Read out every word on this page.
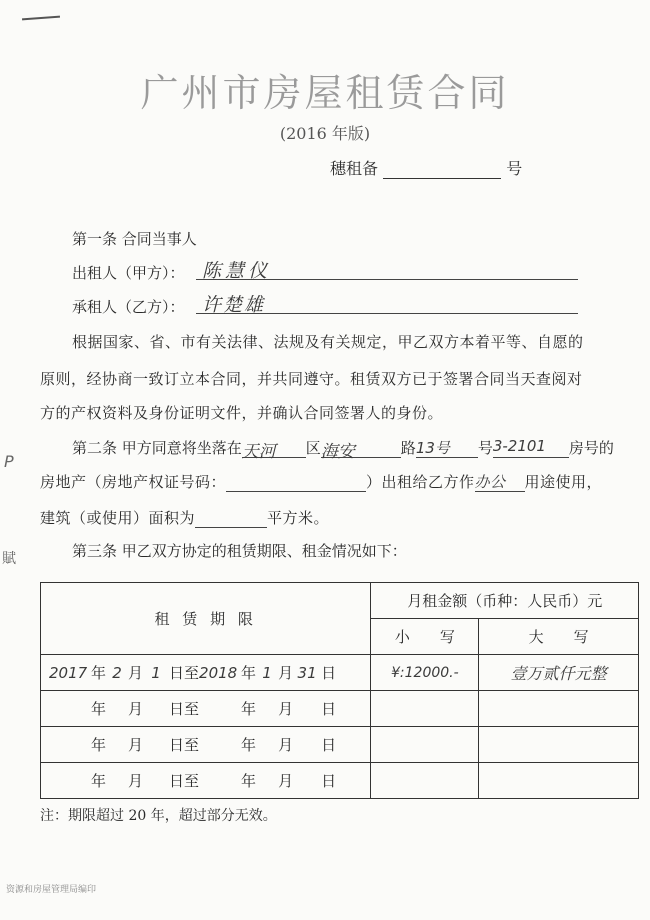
广州市房屋租赁合同
(2016 年版)
穗租备	号
第一条 合同当事人
出租人（甲方）： 陈慧仪
承租人（乙方）： 许楚雄
根据国家、省、市有关法律、法规及有关规定，甲乙双方本着平等、自愿的
原则，经协商一致订立本合同，并共同遵守。租赁双方已于签署合同当天查阅对
方的产权资料及身份证明文件，并确认合同签署人的身份。
第二条 甲方同意将坐落在天河 区海安	路13号 号3-2101 房号的
房地产（房地产权证号码：	）出租给乙方作办公 用途使用，
建筑（或使用）面积为	平方米。
P
賦	第三条 甲乙双方协定的租赁期限、租金情况如下：
租 赁 期 限	月租金额（币种：人民币）元	
	小　　写	大　　写
2017 年 2 月 1 日至2018 年 1 月 31 日	¥:12000.-	壹万贰仟元整
年 月 日至 年 月 日		
年 月 日至 年 月 日		
年 月 日至 年 月 日		
注：期限超过 20 年，超过部分无效。
资源和房屋管理局编印
